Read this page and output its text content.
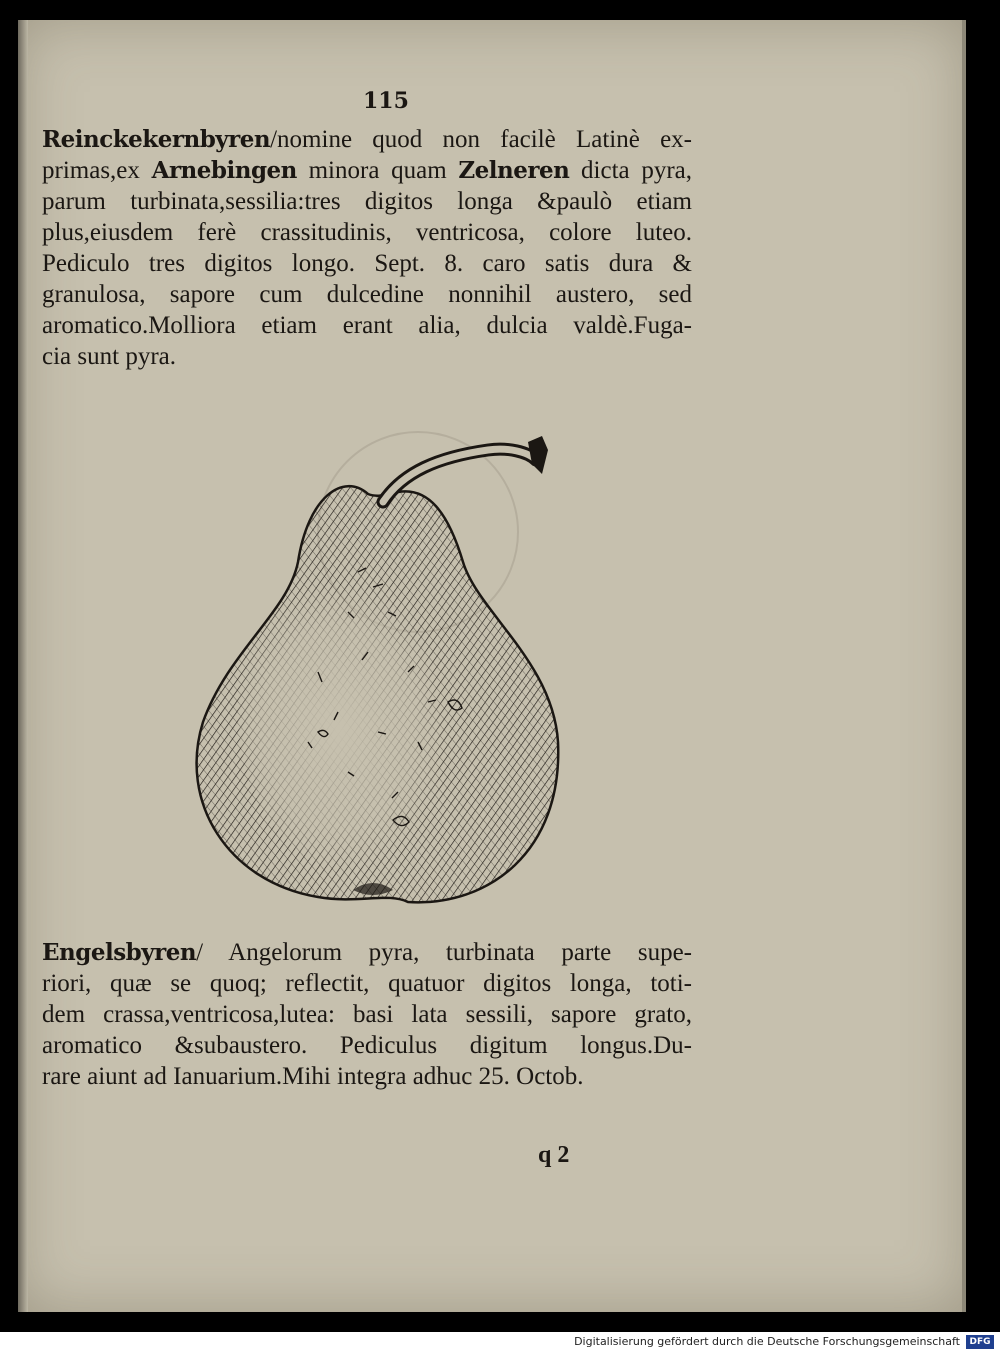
115
Reinckekernbyren/nomine quod non facilè Latinè ex-
primas,ex Arnebingen minora quam Zelneren dicta pyra,
parum turbinata,sessilia:tres digitos longa &paulò etiam
plus,eiusdem ferè crassitudinis, ventricosa, colore luteo.
Pediculo tres digitos longo. Sept. 8. caro satis dura &
granulosa, sapore cum dulcedine nonnihil austero, sed
aromatico.Molliora etiam erant alia, dulcia valdè.Fuga-
cia sunt pyra.
Engelsbyren/ Angelorum pyra, turbinata parte supe-
riori, quæ se quoq; reflectit, quatuor digitos longa, toti-
dem crassa,ventricosa,lutea: basi lata sessili, sapore grato,
aromatico &subaustero. Pediculus digitum longus.Du-
rare aiunt ad Ianuarium.Mihi integra adhuc 25. Octob.
q 2
Digitalisierung gefördert durch die Deutsche Forschungsgemeinschaft	DFG
